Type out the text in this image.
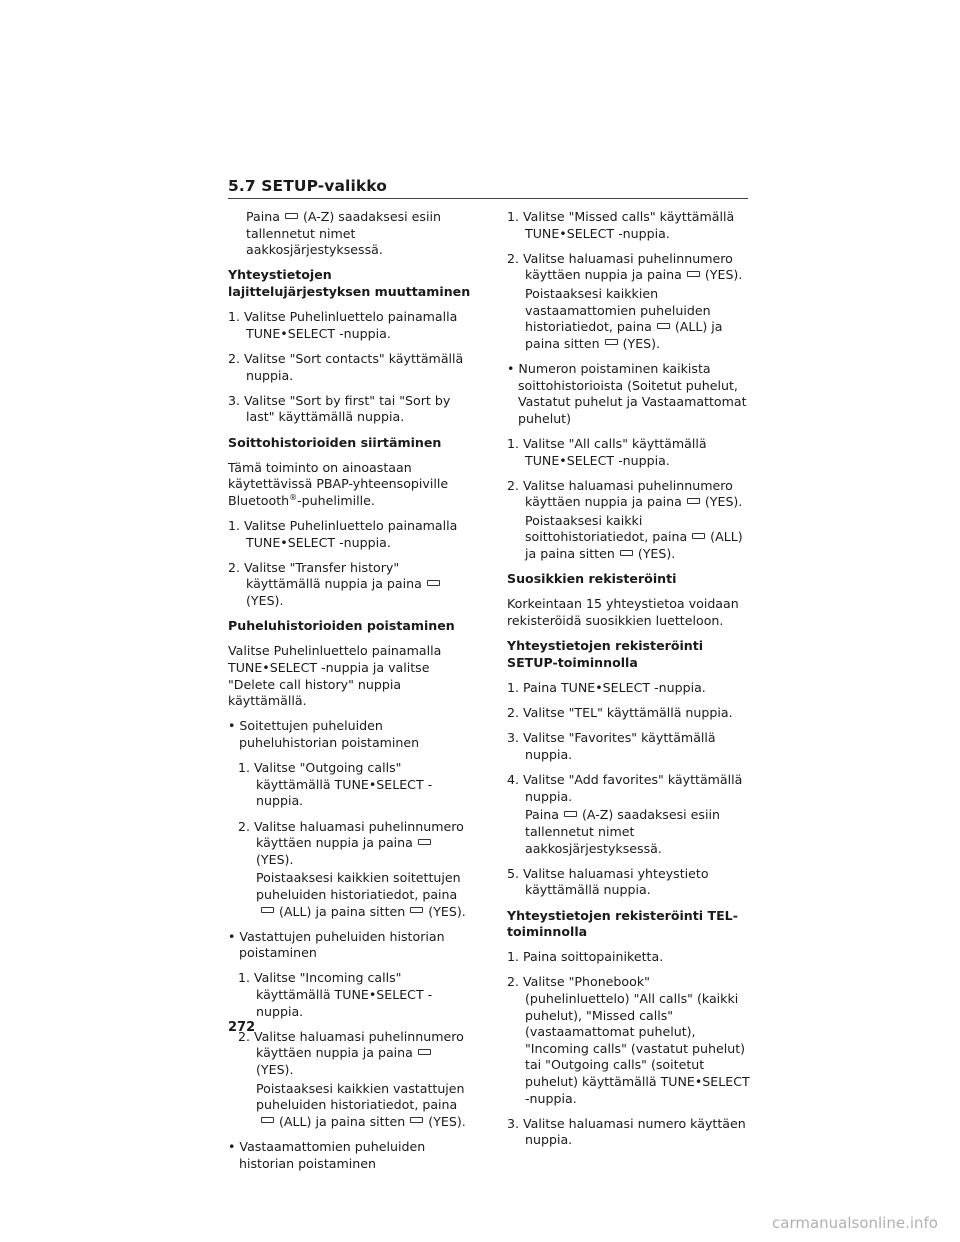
5.7 SETUP-valikko

Paina (A-Z) saadaksesi esiin tallennetut nimet aakkosjärjestyksessä.

Yhteystietojen lajittelujärjestyksen muuttaminen

1. Valitse Puhelinluettelo painamalla TUNE•SELECT -nuppia.

2. Valitse "Sort contacts" käyttämällä nuppia.

3. Valitse "Sort by first" tai "Sort by last" käyttämällä nuppia.

Soittohistorioiden siirtäminen

Tämä toiminto on ainoastaan käytettävissä PBAP-yhteensopiville Bluetooth®-puhelimille.

1. Valitse Puhelinluettelo painamalla TUNE•SELECT -nuppia.

2. Valitse "Transfer history" käyttämällä nuppia ja paina(YES).

Puheluhistorioiden poistaminen

Valitse Puhelinluettelo painamalla TUNE•SELECT -nuppia ja valitse "Delete call history" nuppia käyttämällä.

• Soitettujen puheluiden puheluhistorian poistaminen

1. Valitse "Outgoing calls" käyttämällä TUNE•SELECT -nuppia.

2. Valitse haluamasi puhelinnumero käyttäen nuppia ja paina(YES).

Poistaaksesi kaikkien soitettujen puheluiden historiatiedot, paina(ALL) ja paina sitten (YES).

• Vastattujen puheluiden historian poistaminen

1. Valitse "Incoming calls" käyttämällä TUNE•SELECT -nuppia.

2. Valitse haluamasi puhelinnumero käyttäen nuppia ja paina(YES).

Poistaaksesi kaikkien vastattujen puheluiden historiatiedot, paina(ALL) ja paina sitten (YES).

• Vastaamattomien puheluiden historian poistaminen

1. Valitse "Missed calls" käyttämällä TUNE•SELECT -nuppia.

2. Valitse haluamasi puhelinnumero käyttäen nuppia ja paina (YES).

Poistaaksesi kaikkien vastaamattomien puheluiden historiatiedot, paina (ALL) ja paina sitten (YES).

• Numeron poistaminen kaikista soittohistorioista (Soitetut puhelut, Vastatut puhelut ja Vastaamattomat puhelut)

1. Valitse "All calls" käyttämällä TUNE•SELECT -nuppia.

2. Valitse haluamasi puhelinnumero käyttäen nuppia ja paina (YES).

Poistaaksesi kaikki soittohistoriatiedot, paina (ALL) ja paina sitten (YES).

Suosikkien rekisteröinti

Korkeintaan 15 yhteystietoa voidaan rekisteröidä suosikkien luetteloon.

Yhteystietojen rekisteröinti SETUP-toiminnolla

1. Paina TUNE•SELECT -nuppia.

2. Valitse "TEL" käyttämällä nuppia.

3. Valitse "Favorites" käyttämällä nuppia.

4. Valitse "Add favorites" käyttämällä nuppia.

Paina (A-Z) saadaksesi esiin tallennetut nimet aakkosjärjestyksessä.

5. Valitse haluamasi yhteystieto käyttämällä nuppia.

Yhteystietojen rekisteröinti TEL-toiminnolla

1. Paina soittopainiketta.

2. Valitse "Phonebook" (puhelinluettelo) "All calls" (kaikki puhelut), "Missed calls" (vastaamattomat puhelut), "Incoming calls" (vastatut puhelut) tai "Outgoing calls" (soitetut puhelut) käyttämällä TUNE•SELECT -nuppia.

3. Valitse haluamasi numero käyttäen nuppia.

272
carmanualsonline.info
